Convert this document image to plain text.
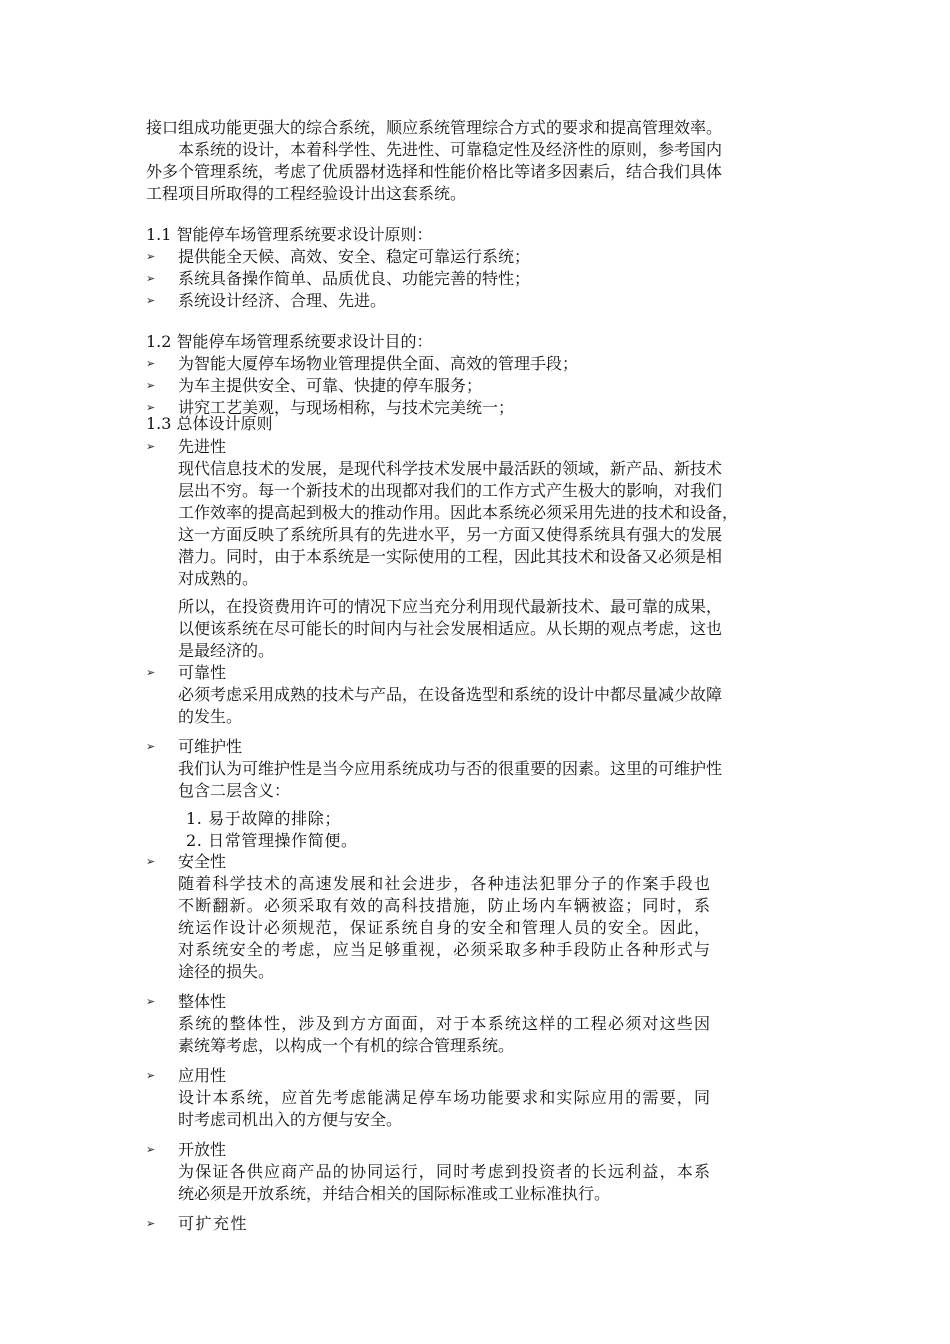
接口组成功能更强大的综合系统，顺应系统管理综合方式的要求和提高管理效率。
本系统的设计，本着科学性、先进性、可靠稳定性及经济性的原则，参考国内
外多个管理系统，考虑了优质器材选择和性能价格比等诸多因素后，结合我们具体
工程项目所取得的工程经验设计出这套系统。
1.1 智能停车场管理系统要求设计原则：
➢ 提供能全天候、高效、安全、稳定可靠运行系统；
➢ 系统具备操作简单、品质优良、功能完善的特性；
➢ 系统设计经济、合理、先进。
1.2 智能停车场管理系统要求设计目的：
➢ 为智能大厦停车场物业管理提供全面、高效的管理手段；
➢ 为车主提供安全、可靠、快捷的停车服务；
➢ 讲究工艺美观，与现场相称，与技术完美统一；
1.3 总体设计原则
➢ 先进性
现代信息技术的发展，是现代科学技术发展中最活跃的领域，新产品、新技术
层出不穷。每一个新技术的出现都对我们的工作方式产生极大的影响，对我们
工作效率的提高起到极大的推动作用。因此本系统必须采用先进的技术和设备，
这一方面反映了系统所具有的先进水平，另一方面又使得系统具有强大的发展
潜力。同时，由于本系统是一实际使用的工程，因此其技术和设备又必须是相
对成熟的。
所以，在投资费用许可的情况下应当充分利用现代最新技术、最可靠的成果，
以便该系统在尽可能长的时间内与社会发展相适应。从长期的观点考虑，这也
是最经济的。
➢ 可靠性
必须考虑采用成熟的技术与产品，在设备选型和系统的设计中都尽量减少故障
的发生。
➢ 可维护性
我们认为可维护性是当今应用系统成功与否的很重要的因素。这里的可维护性
包含二层含义：
1. 易于故障的排除；
2. 日常管理操作简便。
➢ 安全性
随着科学技术的高速发展和社会进步，各种违法犯罪分子的作案手段也
不断翻新。必须采取有效的高科技措施，防止场内车辆被盗；同时，系
统运作设计必须规范，保证系统自身的安全和管理人员的安全。因此，
对系统安全的考虑，应当足够重视，必须采取多种手段防止各种形式与
途径的损失。
➢ 整体性
系统的整体性，涉及到方方面面，对于本系统这样的工程必须对这些因
素统筹考虑，以构成一个有机的综合管理系统。
➢ 应用性
设计本系统，应首先考虑能满足停车场功能要求和实际应用的需要，同
时考虑司机出入的方便与安全。
➢ 开放性
为保证各供应商产品的协同运行，同时考虑到投资者的长远利益，本系
统必须是开放系统，并结合相关的国际标准或工业标准执行。
➢ 可扩充性
